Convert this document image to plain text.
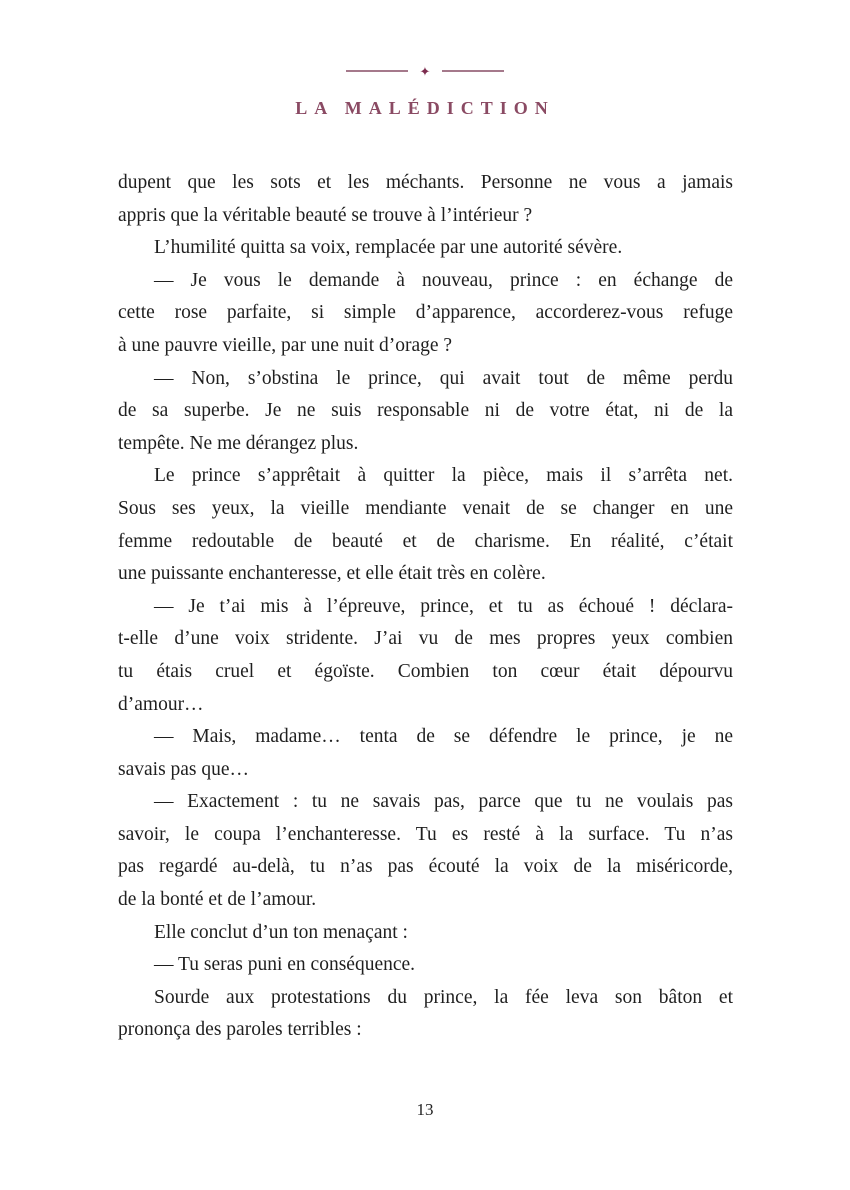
✦
LA MALÉDICTION
dupent que les sots et les méchants. Personne ne vous a jamais
appris que la véritable beauté se trouve à l’intérieur ?
L’humilité quitta sa voix, remplacée par une autorité sévère.
— Je vous le demande à nouveau, prince : en échange de
cette rose parfaite, si simple d’apparence, accorderez-vous refuge
à une pauvre vieille, par une nuit d’orage ?
— Non, s’obstina le prince, qui avait tout de même perdu
de sa superbe. Je ne suis responsable ni de votre état, ni de la
tempête. Ne me dérangez plus.
Le prince s’apprêtait à quitter la pièce, mais il s’arrêta net.
Sous ses yeux, la vieille mendiante venait de se changer en une
femme redoutable de beauté et de charisme. En réalité, c’était
une puissante enchanteresse, et elle était très en colère.
— Je t’ai mis à l’épreuve, prince, et tu as échoué ! déclara-
t-elle d’une voix stridente. J’ai vu de mes propres yeux combien
tu étais cruel et égoïste. Combien ton cœur était dépourvu
d’amour…
— Mais, madame… tenta de se défendre le prince, je ne
savais pas que…
— Exactement : tu ne savais pas, parce que tu ne voulais pas
savoir, le coupa l’enchanteresse. Tu es resté à la surface. Tu n’as
pas regardé au-delà, tu n’as pas écouté la voix de la miséricorde,
de la bonté et de l’amour.
Elle conclut d’un ton menaçant :
— Tu seras puni en conséquence.
Sourde aux protestations du prince, la fée leva son bâton et
prononça des paroles terribles :
13
